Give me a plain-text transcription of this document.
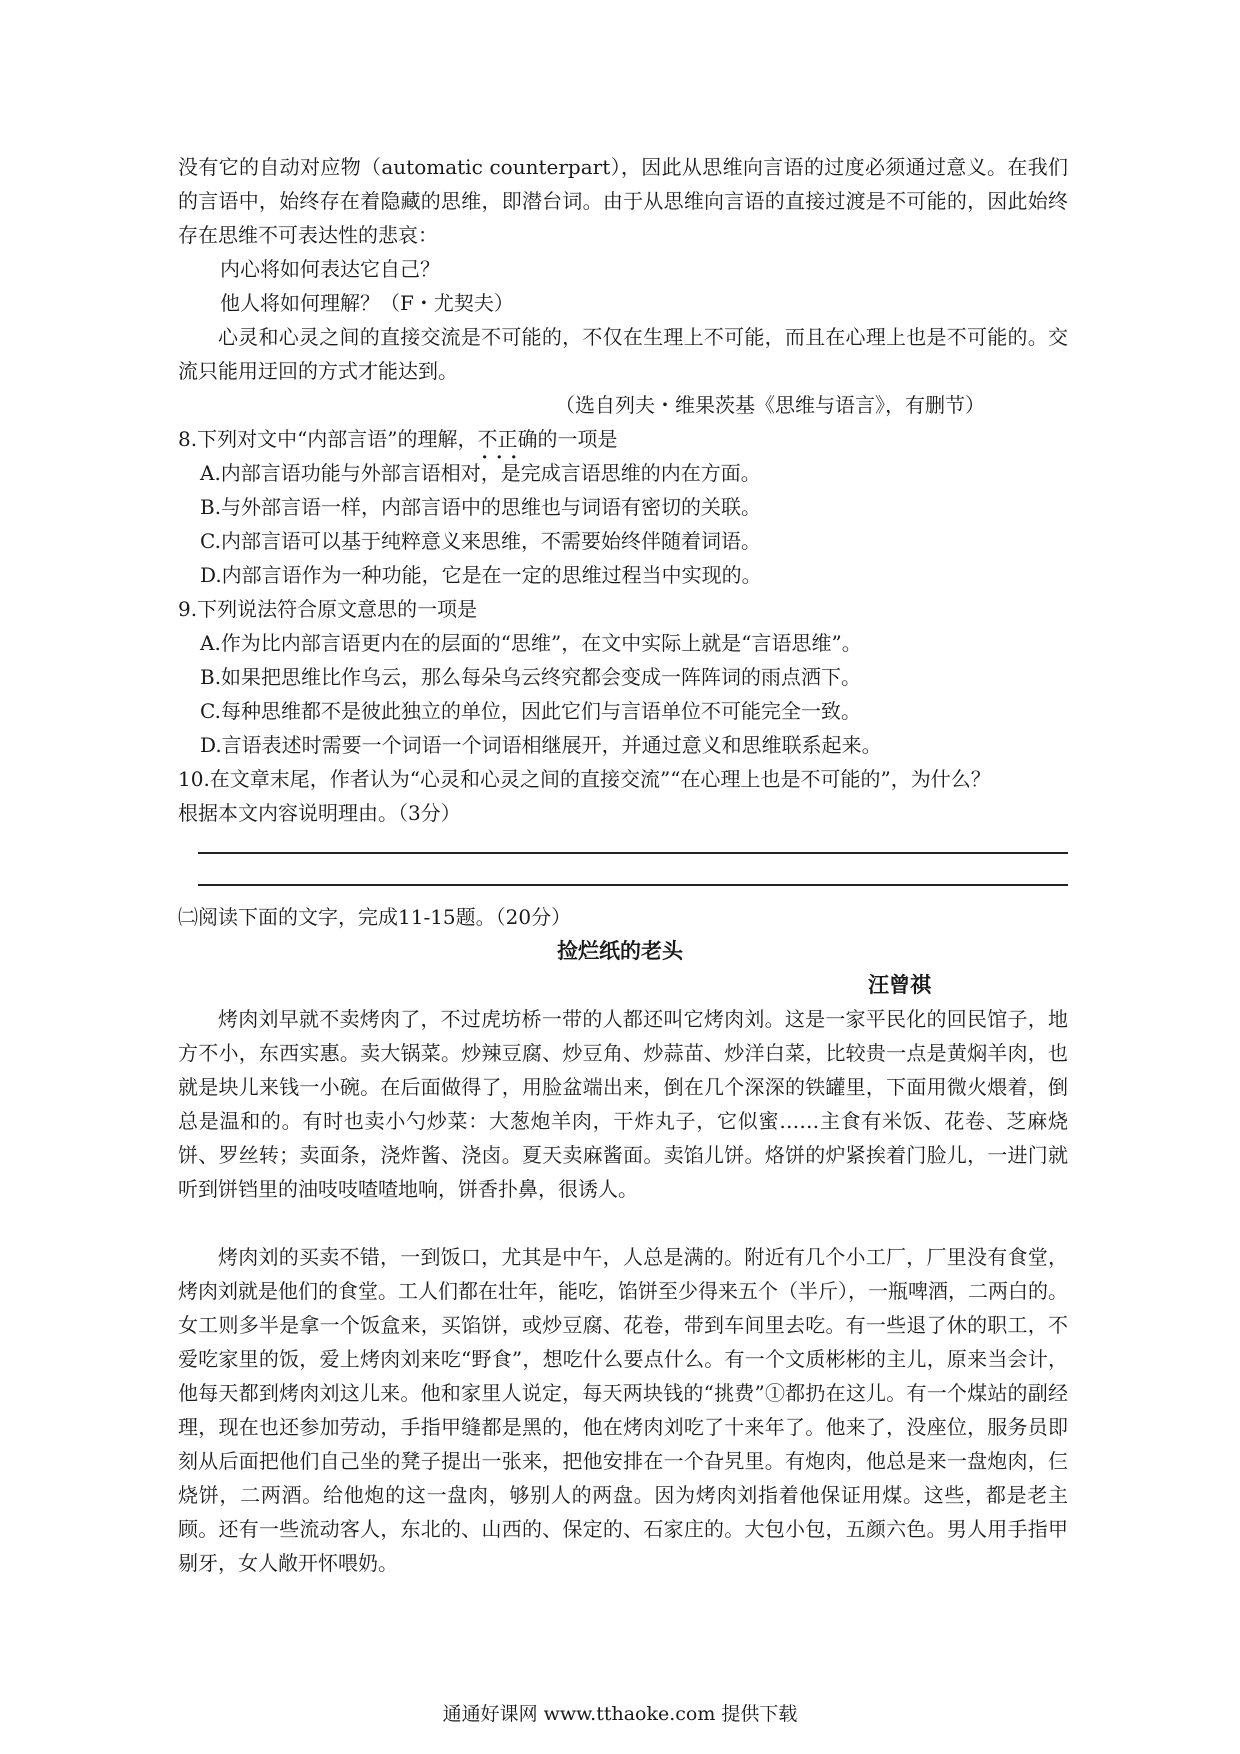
没有它的自动对应物（automatic counterpart），因此从思维向言语的过度必须通过意义。在我们的言语中，始终存在着隐藏的思维，即潜台词。由于从思维向言语的直接过渡是不可能的，因此始终存在思维不可表达性的悲哀：

内心将如何表达它自己？

他人将如何理解？（F・尤契夫）

心灵和心灵之间的直接交流是不可能的，不仅在生理上不可能，而且在心理上也是不可能的。交流只能用迂回的方式才能达到。

（选自列夫・维果茨基《思维与语言》，有删节）

8.下列对文中“内部言语”的理解，不正确 · · ·的一项是

A.内部言语功能与外部言语相对，是完成言语思维的内在方面。

B.与外部言语一样，内部言语中的思维也与词语有密切的关联。

C.内部言语可以基于纯粹意义来思维，不需要始终伴随着词语。

D.内部言语作为一种功能，它是在一定的思维过程当中实现的。

9.下列说法符合原文意思的一项是

A.作为比内部言语更内在的层面的“思维”，在文中实际上就是“言语思维”。

B.如果把思维比作乌云，那么每朵乌云终究都会变成一阵阵词的雨点洒下。

C.每种思维都不是彼此独立的单位，因此它们与言语单位不可能完全一致。

D.言语表述时需要一个词语一个词语相继展开，并通过意义和思维联系起来。

10.在文章末尾，作者认为“心灵和心灵之间的直接交流”“在心理上也是不可能的”，为什么？

根据本文内容说明理由。（3分）

㈡阅读下面的文字，完成11-15题。（20分）

捡烂纸的老头

汪曾祺

烤肉刘早就不卖烤肉了，不过虎坊桥一带的人都还叫它烤肉刘。这是一家平民化的回民馆子，地方不小，东西实惠。卖大锅菜。炒辣豆腐、炒豆角、炒蒜苗、炒洋白菜，比较贵一点是黄焖羊肉，也就是块儿来钱一小碗。在后面做得了，用脸盆端出来，倒在几个深深的铁罐里，下面用微火煨着，倒总是温和的。有时也卖小勺炒菜：大葱炮羊肉，干炸丸子，它似蜜……主食有米饭、花卷、芝麻烧饼、罗丝转；卖面条，浇炸酱、浇卤。夏天卖麻酱面。卖馅儿饼。烙饼的炉紧挨着门脸儿，一进门就听到饼铛里的油吱吱喳喳地响，饼香扑鼻，很诱人。

烤肉刘的买卖不错，一到饭口，尤其是中午，人总是满的。附近有几个小工厂，厂里没有食堂，烤肉刘就是他们的食堂。工人们都在壮年，能吃，馅饼至少得来五个（半斤），一瓶啤酒，二两白的。女工则多半是拿一个饭盒来，买馅饼，或炒豆腐、花卷，带到车间里去吃。有一些退了休的职工，不爱吃家里的饭，爱上烤肉刘来吃“野食”，想吃什么要点什么。有一个文质彬彬的主儿，原来当会计，他每天都到烤肉刘这儿来。他和家里人说定，每天两块钱的“挑费”①都扔在这儿。有一个煤站的副经理，现在也还参加劳动，手指甲缝都是黑的，他在烤肉刘吃了十来年了。他来了，没座位，服务员即刻从后面把他们自己坐的凳子提出一张来，把他安排在一个旮旯里。有炮肉，他总是来一盘炮肉，仨烧饼，二两酒。给他炮的这一盘肉，够别人的两盘。因为烤肉刘指着他保证用煤。这些，都是老主顾。还有一些流动客人，东北的、山西的、保定的、石家庄的。大包小包，五颜六色。男人用手指甲剔牙，女人敞开怀喂奶。

通通好课网 www.tthaoke.com 提供下载
